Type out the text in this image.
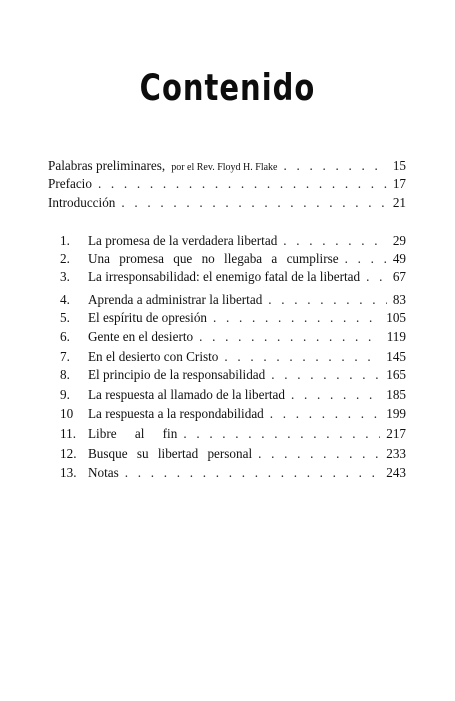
Contenido
Palabras preliminares, por el Rev. Floyd H. Flake . . .	15
Prefacio . . .	17
Introducción . . .	21
1.	La promesa de la verdadera libertad . . .	29
2.	Una promesa que no llegaba a cumplirse . . .	49
3.	La irresponsabilidad: el enemigo fatal de la libertad . . . 67
4.	Aprenda a administrar la libertad . . .	83
5.	El espíritu de opresión . . .	105
6.	Gente en el desierto . . .	119
7.	En el desierto con Cristo . . .	145
8.	El principio de la responsabilidad . . .	165
9.	La respuesta al llamado de la libertad . . .	185
10	La respuesta a la respondabilidad . . .	199
11. Libre al fin . . .	217
12. Busque su libertad personal . . .	233
13. Notas . . .	243
